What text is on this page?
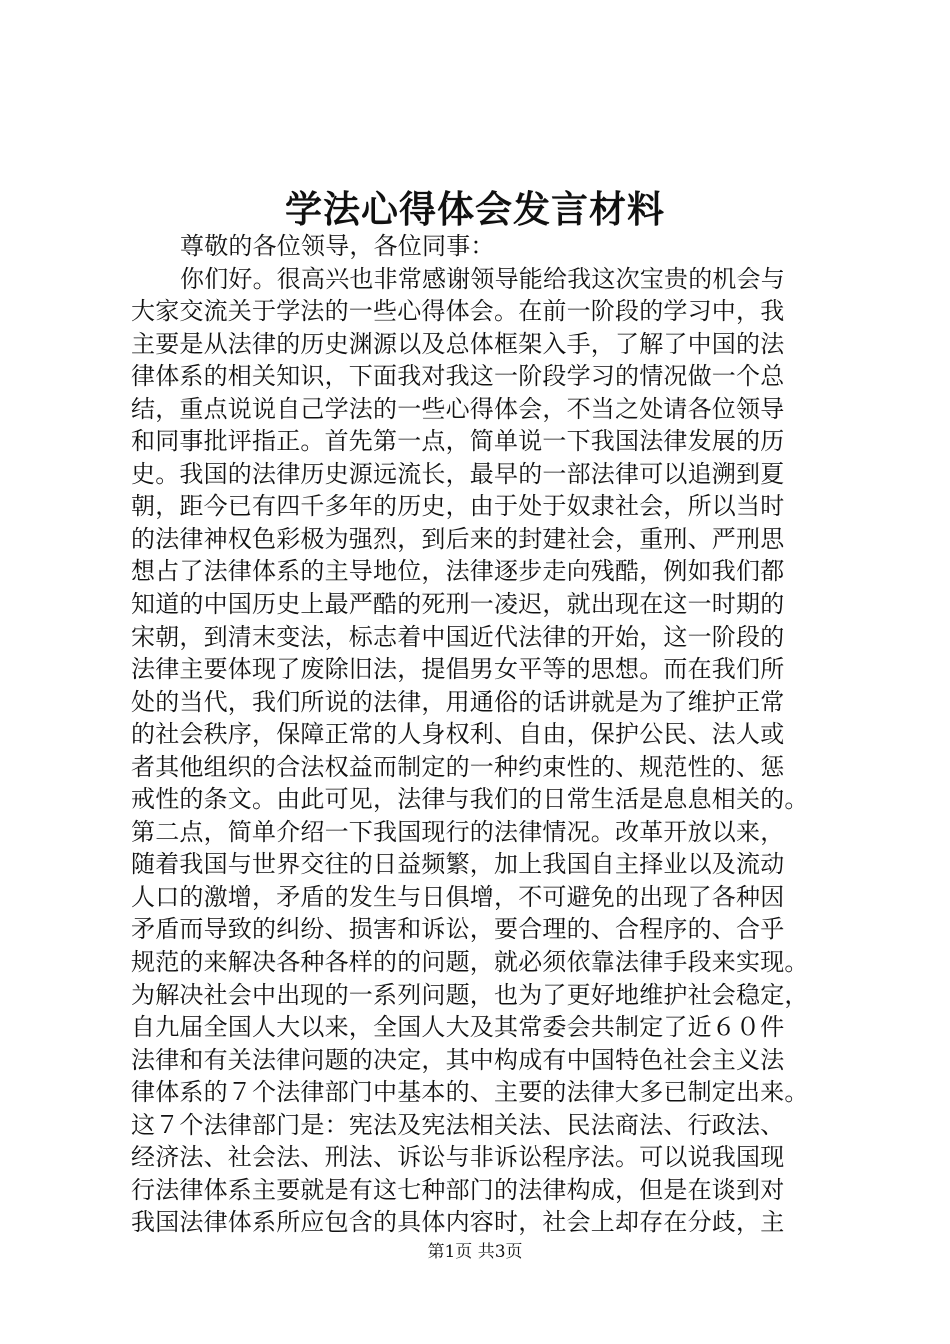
学法心得体会发言材料
尊敬的各位领导，各位同事：
你们好。很高兴也非常感谢领导能给我这次宝贵的机会与
大家交流关于学法的一些心得体会。在前一阶段的学习中，我
主要是从法律的历史渊源以及总体框架入手，了解了中国的法
律体系的相关知识，下面我对我这一阶段学习的情况做一个总
结，重点说说自己学法的一些心得体会，不当之处请各位领导
和同事批评指正。首先第一点，简单说一下我国法律发展的历
史。我国的法律历史源远流长，最早的一部法律可以追溯到夏
朝，距今已有四千多年的历史，由于处于奴隶社会，所以当时
的法律神权色彩极为强烈，到后来的封建社会，重刑、严刑思
想占了法律体系的主导地位，法律逐步走向残酷，例如我们都
知道的中国历史上最严酷的死刑一凌迟，就出现在这一时期的
宋朝，到清末变法，标志着中国近代法律的开始，这一阶段的
法律主要体现了废除旧法，提倡男女平等的思想。而在我们所
处的当代，我们所说的法律，用通俗的话讲就是为了维护正常
的社会秩序，保障正常的人身权利、自由，保护公民、法人或
者其他组织的合法权益而制定的一种约束性的、规范性的、惩
戒性的条文。由此可见，法律与我们的日常生活是息息相关的。
第二点，简单介绍一下我国现行的法律情况。改革开放以来，
随着我国与世界交往的日益频繁，加上我国自主择业以及流动
人口的激增，矛盾的发生与日俱增，不可避免的出现了各种因
矛盾而导致的纠纷、损害和诉讼，要合理的、合程序的、合乎
规范的来解决各种各样的的问题，就必须依靠法律手段来实现。
为解决社会中出现的一系列问题，也为了更好地维护社会稳定，
自九届全国人大以来，全国人大及其常委会共制定了近６０件
法律和有关法律问题的决定，其中构成有中国特色社会主义法
律体系的７个法律部门中基本的、主要的法律大多已制定出来。
这７个法律部门是：宪法及宪法相关法、民法商法、行政法、
经济法、社会法、刑法、诉讼与非诉讼程序法。可以说我国现
行法律体系主要就是有这七种部门的法律构成，但是在谈到对
我国法律体系所应包含的具体内容时，社会上却存在分歧，主
第1页 共3页
